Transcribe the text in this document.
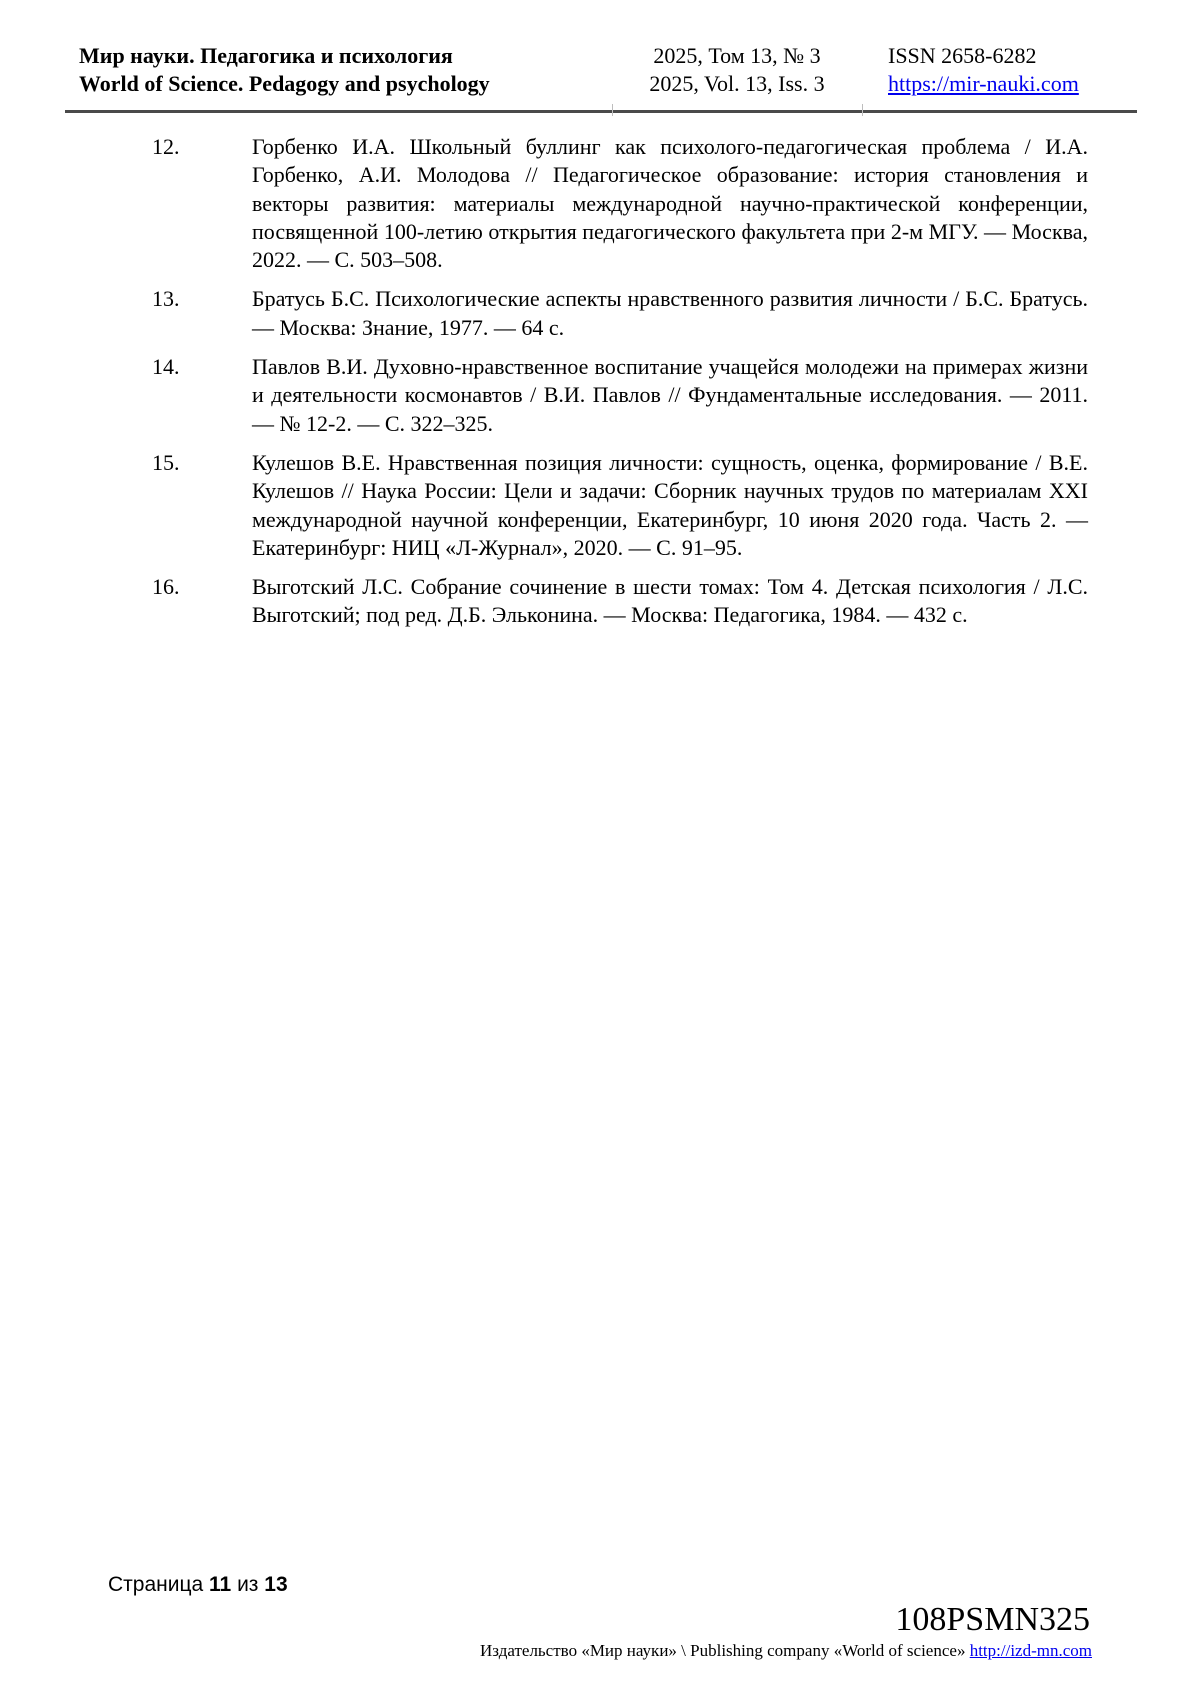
Мир науки. Педагогика и психология
World of Science. Pedagogy and psychology
2025, Том 13, № 3
2025, Vol. 13, Iss. 3
ISSN 2658-6282
https://mir-nauki.com
12.	Горбенко И.А. Школьный буллинг как психолого-педагогическая проблема / И.А. Горбенко, А.И. Молодова // Педагогическое образование: история становления и векторы развития: материалы международной научно-практической конференции, посвященной 100-летию открытия педагогического факультета при 2-м МГУ. — Москва, 2022. — С. 503–508.
13.	Братусь Б.С. Психологические аспекты нравственного развития личности / Б.С. Братусь. — Москва: Знание, 1977. — 64 с.
14.	Павлов В.И. Духовно-нравственное воспитание учащейся молодежи на примерах жизни и деятельности космонавтов / В.И. Павлов // Фундаментальные исследования. — 2011. — № 12-2. — С. 322–325.
15.	Кулешов В.Е. Нравственная позиция личности: сущность, оценка, формирование / В.Е. Кулешов // Наука России: Цели и задачи: Сборник научных трудов по материалам XXI международной научной конференции, Екатеринбург, 10 июня 2020 года. Часть 2. — Екатеринбург: НИЦ «Л-Журнал», 2020. — С. 91–95.
16.	Выготский Л.С. Собрание сочинение в шести томах: Том 4. Детская психология / Л.С. Выготский; под ред. Д.Б. Эльконина. — Москва: Педагогика, 1984. — 432 с.
Страница 11 из 13
108PSMN325
Издательство «Мир науки» \ Publishing company «World of science» http://izd-mn.com
